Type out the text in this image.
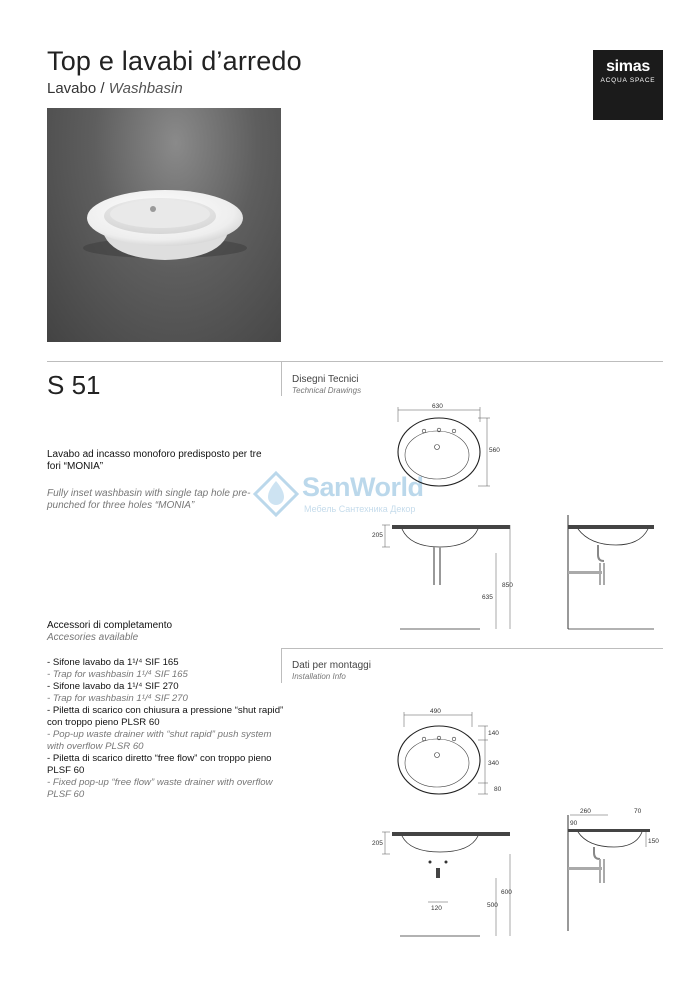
Top e lavabi d’arredo
Lavabo / Washbasin
simas
ACQUA SPACE
S 51	Disegni Tecnici
Technical Drawings
Lavabo ad incasso monoforo predisposto per tre fori “MONIA”
Fully inset washbasin with single tap hole pre-punched for three holes “MONIA”
SanWorld
Мебель Сантехника Декор
630
560
205
850
635
Dati per montaggi
Installation Info
490
140
340
80
205
120
600
500
260
90
70
150
Accessori di completamento
Accesories available
- Sifone lavabo da 1¹/⁴ SIF 165
- Trap for washbasin 1¹/⁴ SIF 165
- Sifone lavabo da 1¹/⁴ SIF 270
- Trap for washbasin 1¹/⁴ SIF 270
- Piletta di scarico con chiusura a pressione “shut rapid” con troppo pieno PLSR 60
- Pop-up waste drainer with “shut rapid” push system with overflow PLSR 60
- Piletta di scarico diretto “free flow” con troppo pieno PLSF 60
- Fixed pop-up “free flow” waste drainer with overflow PLSF 60
